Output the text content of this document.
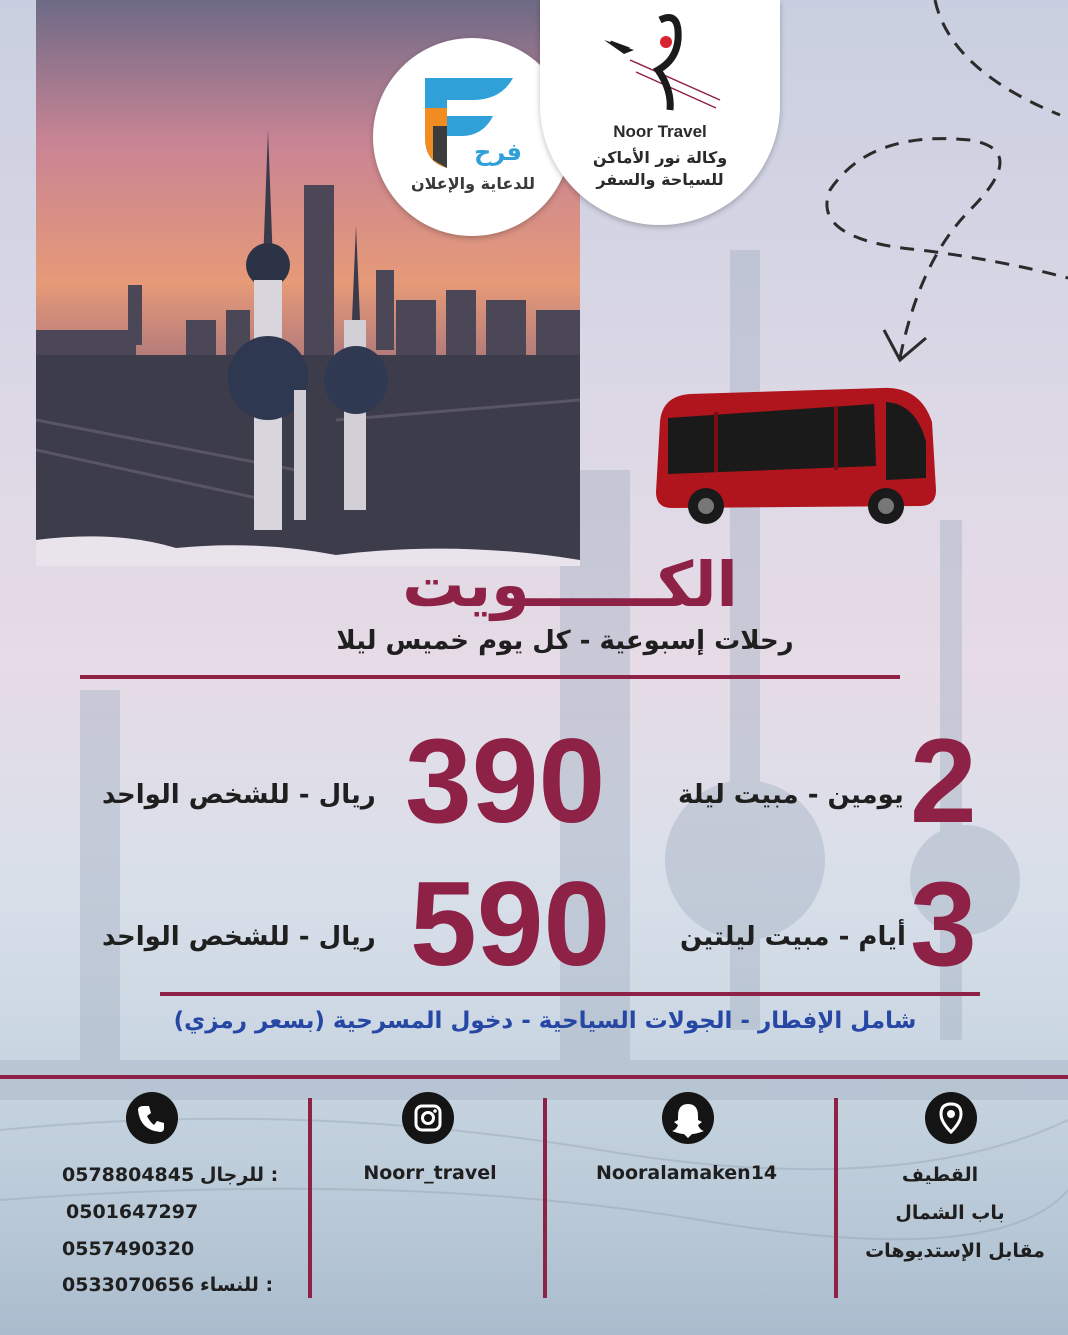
فرح
للدعاية والإعلان
Noor Travel
وكالة نور الأماكن
للسياحة والسفر
الكــــــويت
رحلات إسبوعية - كل يوم خميس ليلا
2
يومين - مبيت ليلة
390
ريال - للشخص الواحد
3
أيام - مبيت ليلتين
590
ريال - للشخص الواحد
شامل الإفطار - الجولات السياحية - دخول المسرحية (بسعر رمزي)
القطيف
باب الشمال
مقابل الإستديوهات
Nooralamaken14
Noorr_travel
للرجال :
0578804845
0501647297
0557490320
للنساء :
0533070656
